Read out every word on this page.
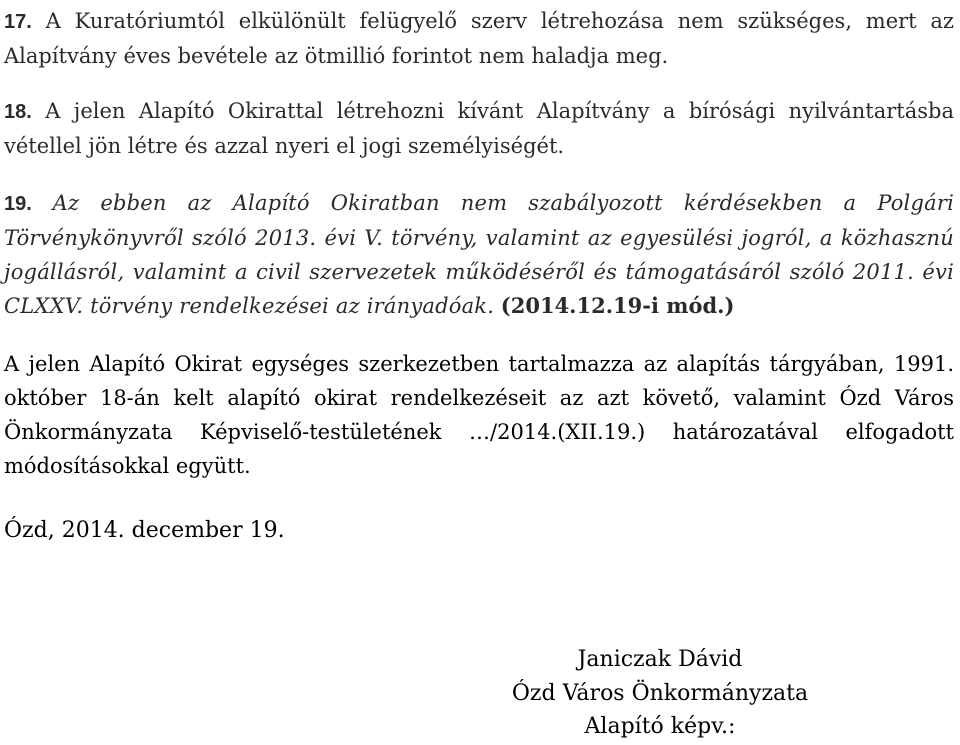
17. A Kuratóriumtól elkülönült felügyelő szerv létrehozása nem szükséges, mert az Alapítvány éves bevétele az ötmillió forintot nem haladja meg.
18. A jelen Alapító Okirattal létrehozni kívánt Alapítvány a bírósági nyilvántartásba vétellel jön létre és azzal nyeri el jogi személyiségét.
19. Az ebben az Alapító Okiratban nem szabályozott kérdésekben a Polgári Törvénykönyvről szóló 2013. évi V. törvény, valamint az egyesülési jogról, a közhasznú jogállásról, valamint a civil szervezetek működéséről és támogatásáról szóló 2011. évi CLXXV. törvény rendelkezései az irányadóak. (2014.12.19-i mód.)
A jelen Alapító Okirat egységes szerkezetben tartalmazza az alapítás tárgyában, 1991. október 18-án kelt alapító okirat rendelkezéseit az azt követő, valamint Ózd Város Önkormányzata Képviselő-testületének …/2014.(XII.19.) határozatával elfogadott módosításokkal együtt.
Ózd, 2014. december 19.
Janiczak Dávid
Ózd Város Önkormányzata
Alapító képv.:
